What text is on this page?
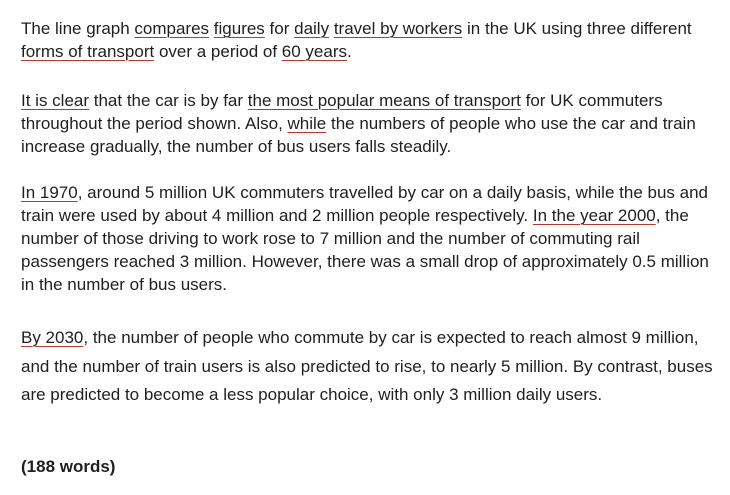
The line graph compares figures for daily travel by workers in the UK using three different forms of transport over a period of 60 years.

It is clear that the car is by far the most popular means of transport for UK commuters throughout the period shown. Also, while the numbers of people who use the car and train increase gradually, the number of bus users falls steadily.

In 1970, around 5 million UK commuters travelled by car on a daily basis, while the bus and train were used by about 4 million and 2 million people respectively. In the year 2000, the number of those driving to work rose to 7 million and the number of commuting rail passengers reached 3 million. However, there was a small drop of approximately 0.5 million in the number of bus users.

By 2030, the number of people who commute by car is expected to reach almost 9 million, and the number of train users is also predicted to rise, to nearly 5 million. By contrast, buses are predicted to become a less popular choice, with only 3 million daily users.

(188 words)
